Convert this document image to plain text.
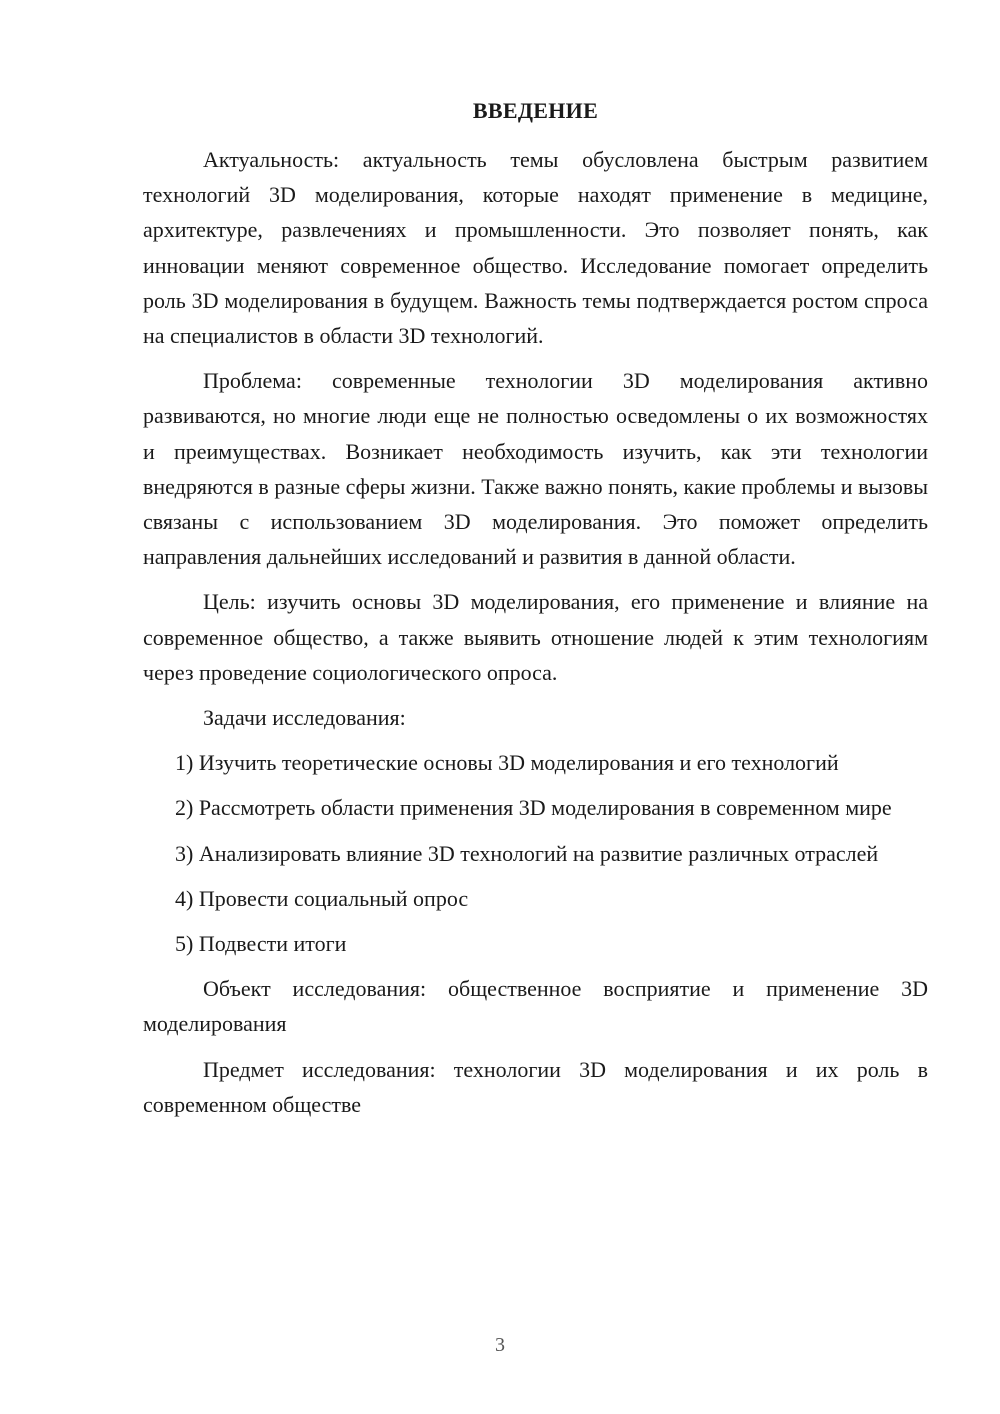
ВВЕДЕНИЕ

Актуальность: актуальность темы обусловлена быстрым развитием технологий 3D моделирования, которые находят применение в медицине, архитектуре, развлечениях и промышленности. Это позволяет понять, как инновации меняют современное общество. Исследование помогает определить роль 3D моделирования в будущем. Важность темы подтверждается ростом спроса на специалистов в области 3D технологий.

Проблема: современные технологии 3D моделирования активно развиваются, но многие люди еще не полностью осведомлены о их возможностях и преимуществах. Возникает необходимость изучить, как эти технологии внедряются в разные сферы жизни. Также важно понять, какие проблемы и вызовы связаны с использованием 3D моделирования. Это поможет определить направления дальнейших исследований и развития в данной области.

Цель: изучить основы 3D моделирования, его применение и влияние на современное общество, а также выявить отношение людей к этим технологиям через проведение социологического опроса.

Задачи исследования:

1) Изучить теоретические основы 3D моделирования и его технологий

2) Рассмотреть области применения 3D моделирования в современном мире

3) Анализировать влияние 3D технологий на развитие различных отраслей

4) Провести социальный опрос

5) Подвести итоги

Объект исследования: общественное восприятие и применение 3D моделирования

Предмет исследования: технологии 3D моделирования и их роль в современном обществе

3
